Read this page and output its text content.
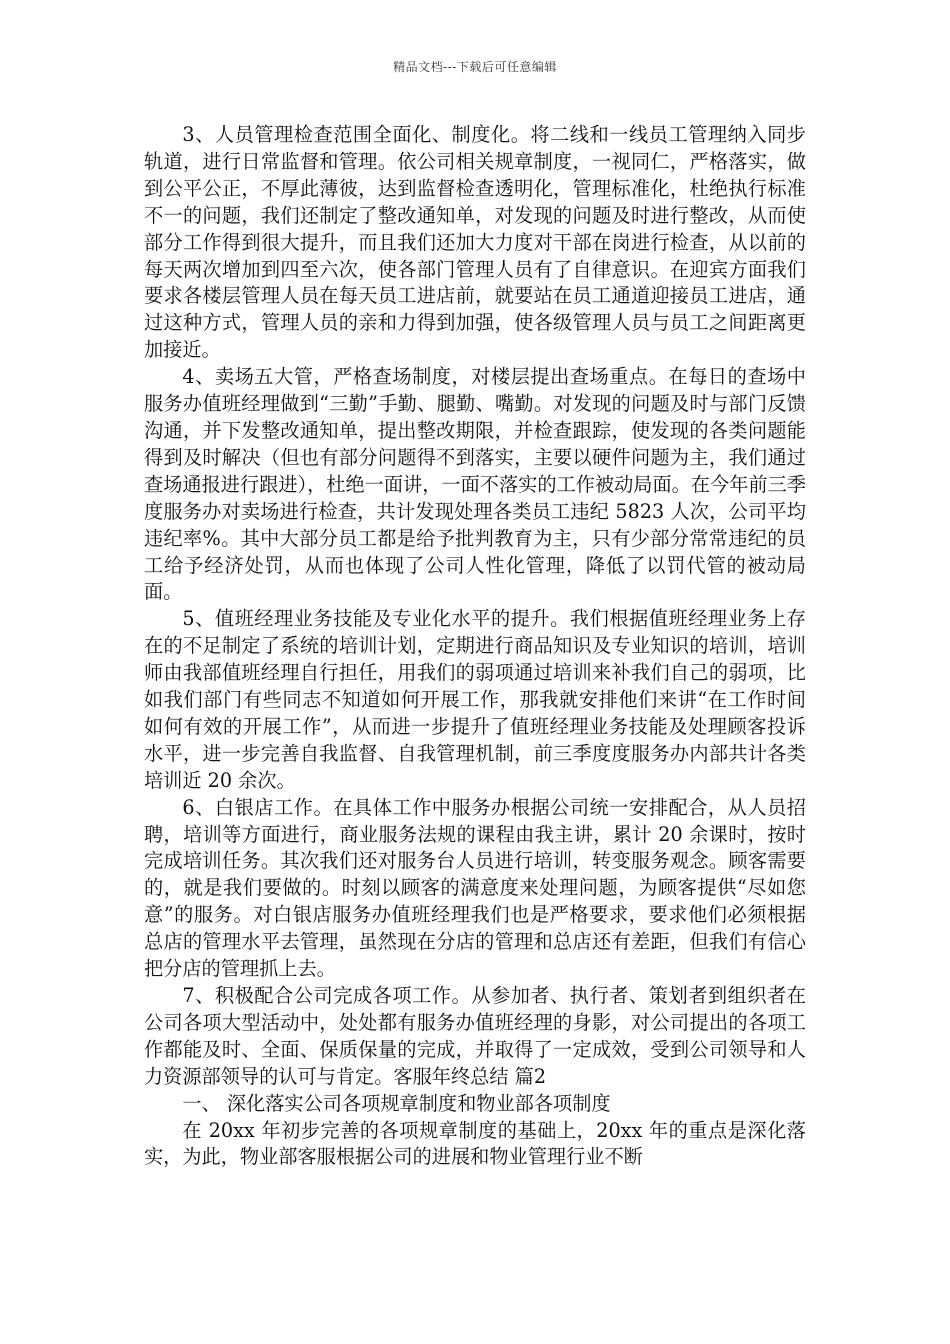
精品文档---下载后可任意编辑

3、人员管理检查范围全面化、制度化。将二线和一线员工管理纳入同步轨道，进行日常监督和管理。依公司相关规章制度，一视同仁，严格落实，做到公平公正，不厚此薄彼，达到监督检查透明化，管理标准化，杜绝执行标准不一的问题，我们还制定了整改通知单，对发现的问题及时进行整改，从而使部分工作得到很大提升，而且我们还加大力度对干部在岗进行检查，从以前的每天两次增加到四至六次，使各部门管理人员有了自律意识。在迎宾方面我们要求各楼层管理人员在每天员工进店前，就要站在员工通道迎接员工进店，通过这种方式，管理人员的亲和力得到加强，使各级管理人员与员工之间距离更加接近。

4、卖场五大管，严格查场制度，对楼层提出查场重点。在每日的查场中服务办值班经理做到“三勤”手勤、腿勤、嘴勤。对发现的问题及时与部门反馈沟通，并下发整改通知单，提出整改期限，并检查跟踪，使发现的各类问题能得到及时解决（但也有部分问题得不到落实，主要以硬件问题为主，我们通过查场通报进行跟进），杜绝一面讲，一面不落实的工作被动局面。在今年前三季度服务办对卖场进行检查，共计发现处理各类员工违纪 5823 人次，公司平均违纪率%。其中大部分员工都是给予批判教育为主，只有少部分常常违纪的员工给予经济处罚，从而也体现了公司人性化管理，降低了以罚代管的被动局面。

5、值班经理业务技能及专业化水平的提升。我们根据值班经理业务上存在的不足制定了系统的培训计划，定期进行商品知识及专业知识的培训，培训师由我部值班经理自行担任，用我们的弱项通过培训来补我们自己的弱项，比如我们部门有些同志不知道如何开展工作，那我就安排他们来讲“在工作时间如何有效的开展工作”，从而进一步提升了值班经理业务技能及处理顾客投诉水平，进一步完善自我监督、自我管理机制，前三季度度服务办内部共计各类培训近 20 余次。

6、白银店工作。在具体工作中服务办根据公司统一安排配合，从人员招聘，培训等方面进行，商业服务法规的课程由我主讲，累计 20 余课时，按时完成培训任务。其次我们还对服务台人员进行培训，转变服务观念。顾客需要的，就是我们要做的。时刻以顾客的满意度来处理问题，为顾客提供“尽如您意”的服务。对白银店服务办值班经理我们也是严格要求，要求他们必须根据总店的管理水平去管理，虽然现在分店的管理和总店还有差距，但我们有信心把分店的管理抓上去。

7、积极配合公司完成各项工作。从参加者、执行者、策划者到组织者在公司各项大型活动中，处处都有服务办值班经理的身影，对公司提出的各项工作都能及时、全面、保质保量的完成，并取得了一定成效，受到公司领导和人力资源部领导的认可与肯定。客服年终总结 篇2

一、 深化落实公司各项规章制度和物业部各项制度

在 20xx 年初步完善的各项规章制度的基础上，20xx 年的重点是深化落实，为此，物业部客服根据公司的进展和物业管理行业不断
